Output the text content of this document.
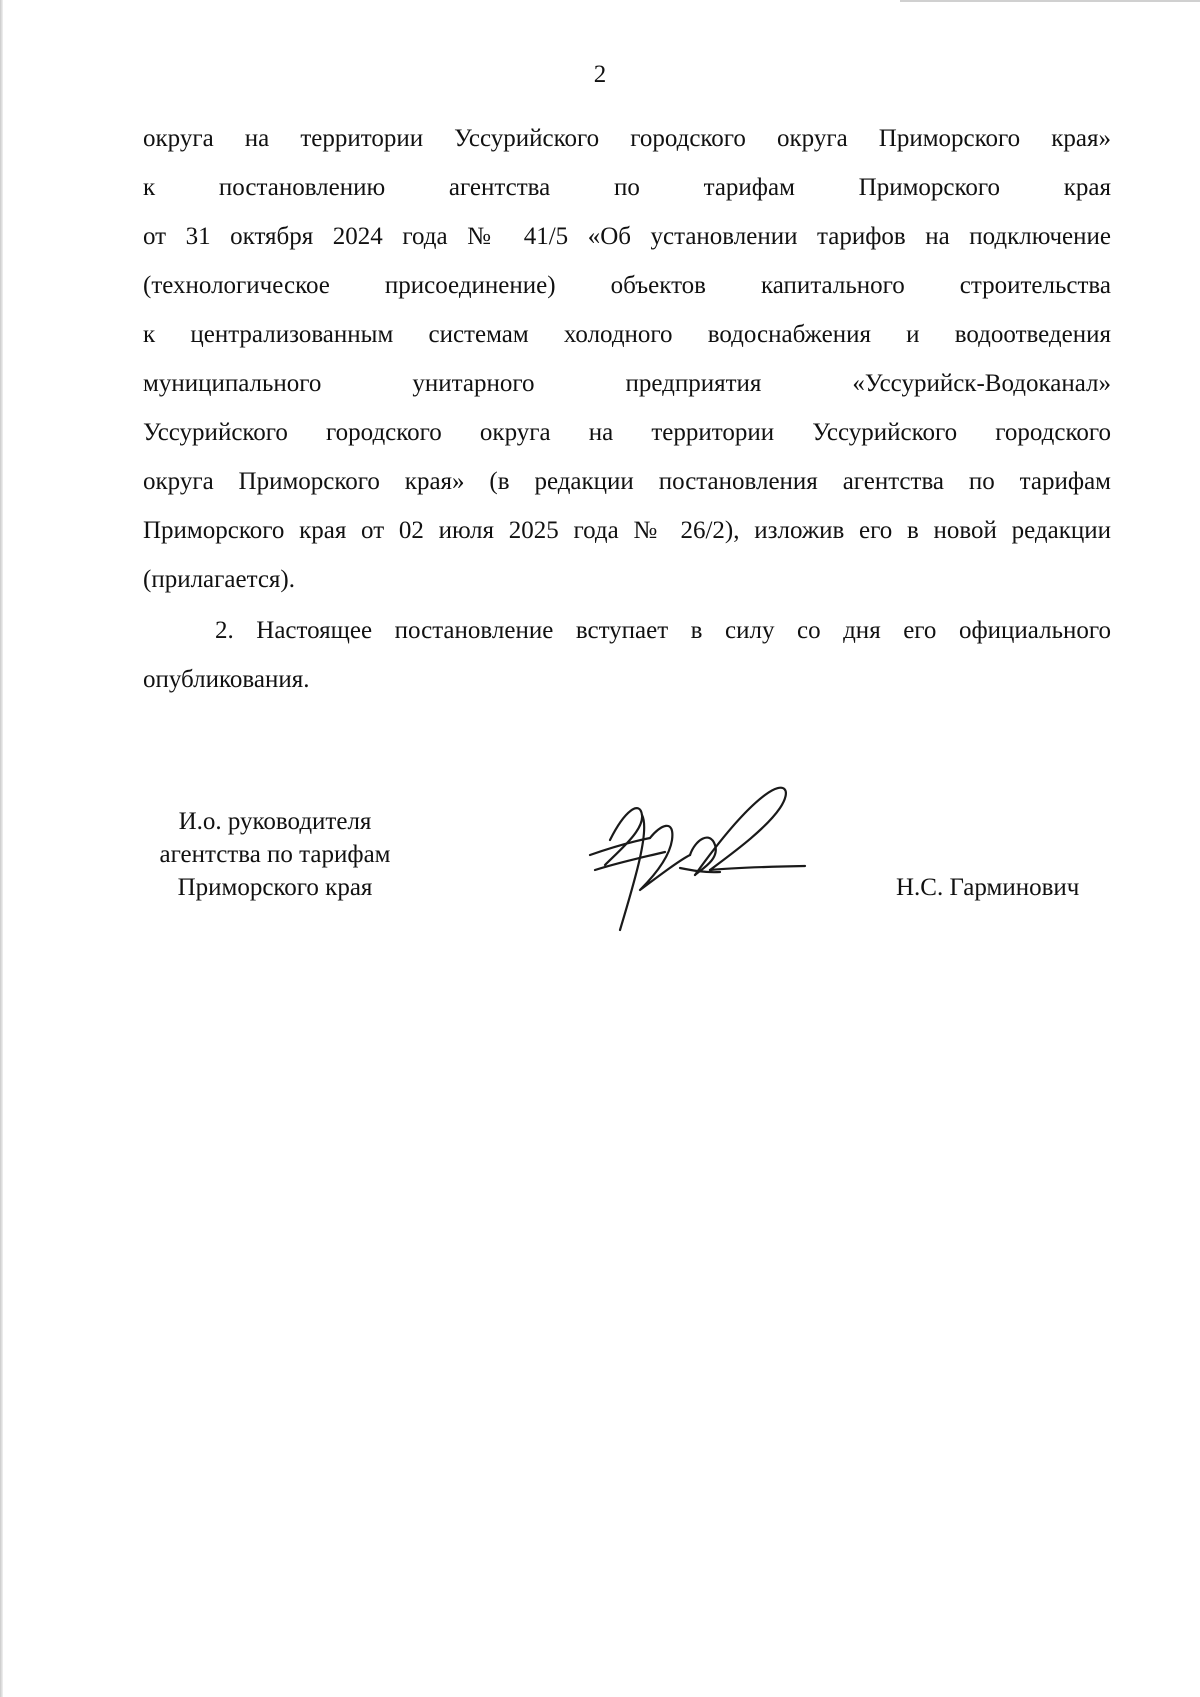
2
округа на территории Уссурийского городского округа Приморского края»
к постановлению агентства по тарифам Приморского края
от 31 октября 2024 года № 41/5 «Об установлении тарифов на подключение
(технологическое присоединение) объектов капитального строительства
к централизованным системам холодного водоснабжения и водоотведения
муниципального унитарного предприятия «Уссурийск-Водоканал»
Уссурийского городского округа на территории Уссурийского городского
округа Приморского края» (в редакции постановления агентства по тарифам
Приморского края от 02 июля 2025 года № 26/2), изложив его в новой редакции
(прилагается).
2. Настоящее постановление вступает в силу со дня его официального
опубликования.
И.о. руководителя
агентства по тарифам
Приморского края	Н.С. Гарминович
